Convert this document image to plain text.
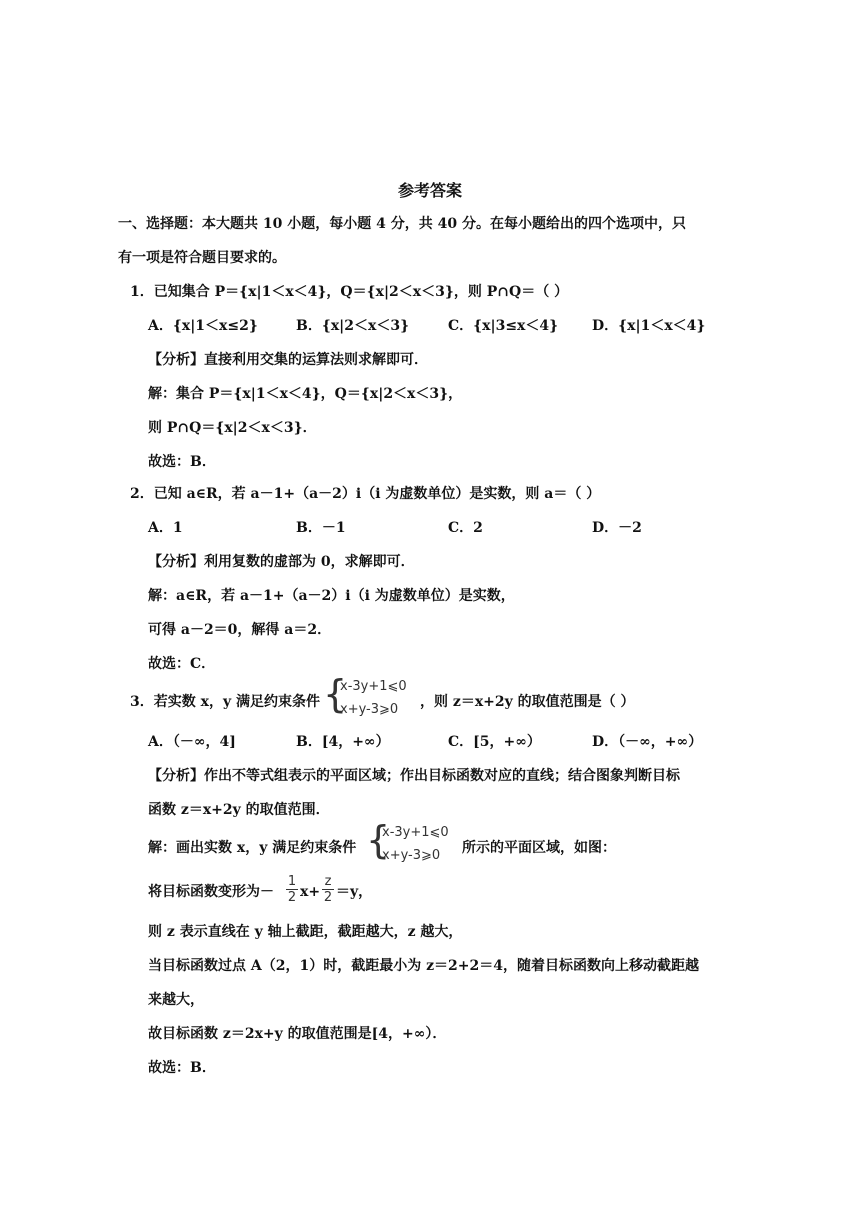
参考答案
一、选择题：本大题共 10 小题，每小题 4 分，共 40 分。在每小题给出的四个选项中，只
有一项是符合题目要求的。
1．已知集合 P＝{x|1＜x＜4}，Q＝{x|2＜x＜3}，则 P∩Q＝（ ）
A．{x|1＜x≤2}	B．{x|2＜x＜3}	C．{x|3≤x＜4} D．{x|1＜x＜4}
【分析】直接利用交集的运算法则求解即可．
解：集合 P＝{x|1＜x＜4}，Q＝{x|2＜x＜3}，
则 P∩Q＝{x|2＜x＜3}．
故选：B．
2．已知 a∈R，若 a－1+（a－2）i（i 为虚数单位）是实数，则 a＝（ ）
A．1	B．－1	C．2	D．－2
【分析】利用复数的虚部为 0，求解即可．
解：a∈R，若 a－1+（a－2）i（i 为虚数单位）是实数，
可得 a－2＝0，解得 a＝2．
故选：C．
3．若实数 x，y 满足约束条件 {
x-3y+1⩽0
x+y-3⩾0 ，则 z＝x+2y 的取值范围是（ ）
A．（－∞，4]	B．[4，+∞）	C．[5，+∞）	D．（－∞，+∞）
【分析】作出不等式组表示的平面区域；作出目标函数对应的直线；结合图象判断目标
函数 z＝x+2y 的取值范围．
解：画出实数 x，y 满足约束条件 {
x-3y+1⩽0
x+y-3⩾0 所示的平面区域，如图：
将目标函数变形为－ $\frac{1}{2} x+ \frac{z}{2} =y$，
则 z 表示直线在 y 轴上截距，截距越大，z 越大，
当目标函数过点 A（2，1）时，截距最小为 z＝2+2＝4，随着目标函数向上移动截距越
来越大，
故目标函数 z＝2x+y 的取值范围是[4，+∞）．
故选：B．
